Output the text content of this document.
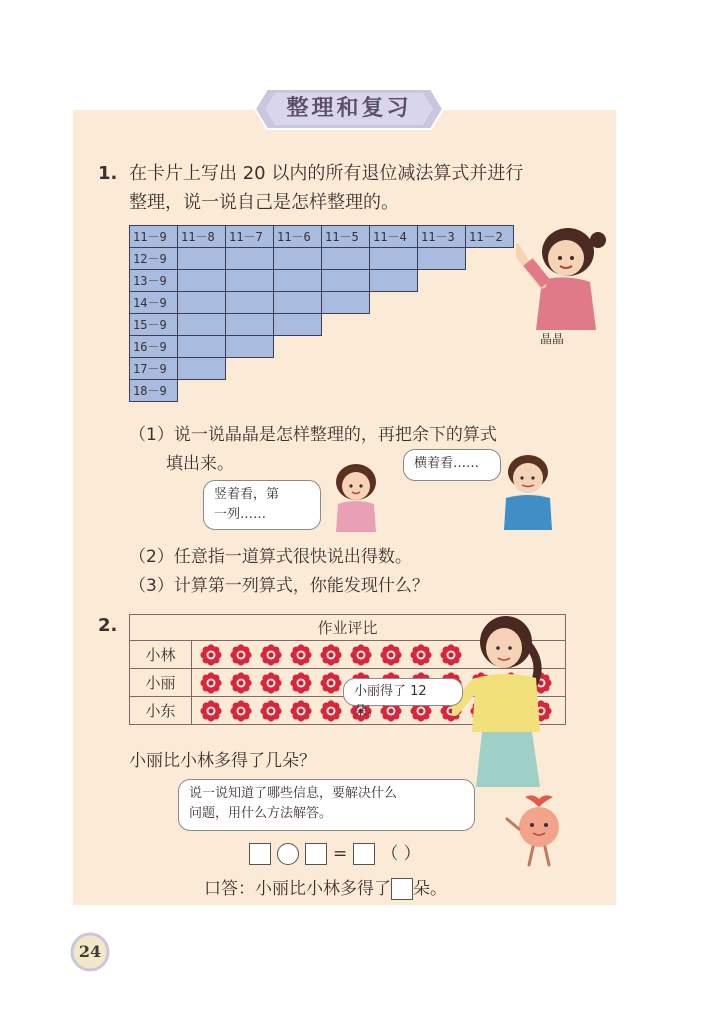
整理和复习
1. 在卡片上写出 20 以内的所有退位减法算式并进行
整理，说一说自己是怎样整理的。
11－9	11－8	11－7	11－6	11－5	11－4	11－3	11－2
12－9							
13－9							
14－9							
15－9							
16－9							
17－9							
18－9							
晶晶
（1）说一说晶晶是怎样整理的，再把余下的算式
填出来。
竖着看，第
一列……
横着看……
（2）任意指一道算式很快说出得数。
（3）计算第一列算式，你能发现什么？
2.	作业评比	
小林	
小丽	
小东	
小丽得了 12 朵。
小丽比小林多得了几朵？
说一说知道了哪些信息，要解决什么
问题，用什么方法解答。
= （ ）
口答：小丽比小林多得了 朵。
24
